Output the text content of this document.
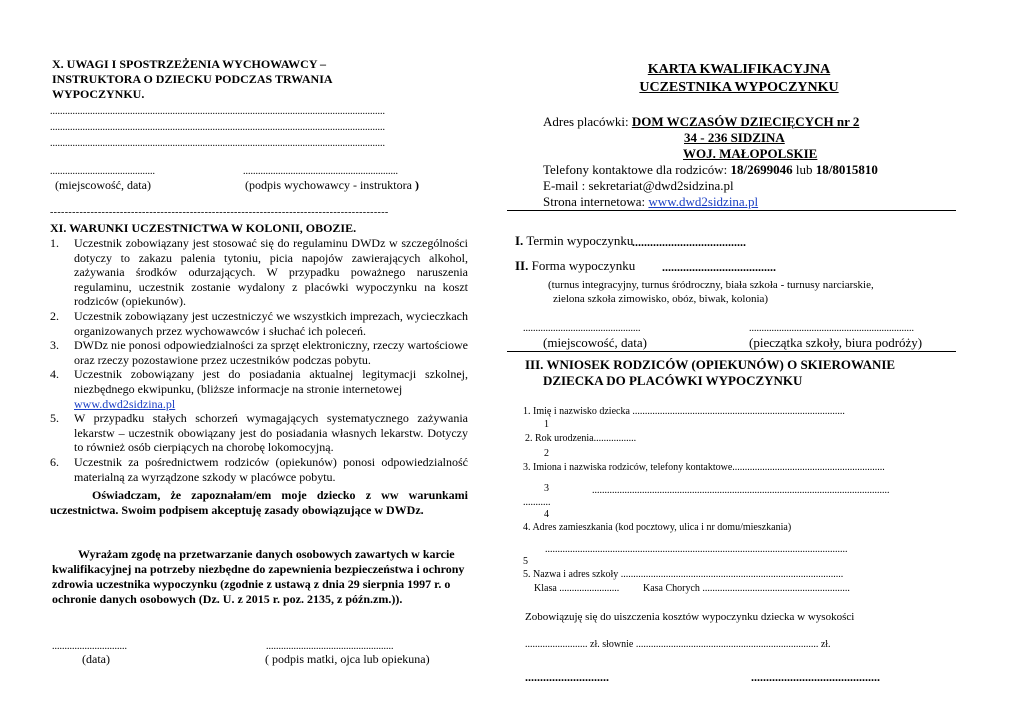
X. UWAGI I SPOSTRZEŻENIA WYCHOWAWCY –
INSTRUKTORA O DZIECKU PODCZAS TRWANIA
WYPOCZYNKU.
......................................................................................................................................
......................................................................................................................................
......................................................................................................................................
..........................................	..............................................................
(miejscowość, data)	(podpis wychowawcy - instruktora )
--------------------------------------------------------------------------------------------
XI. WARUNKI UCZESTNICTWA W KOLONII, OBOZIE.
1. Uczestnik zobowiązany jest stosować się do regulaminu DWDz w szczególności dotyczy to zakazu palenia tytoniu, picia napojów zawierających alkohol, zażywania środków odurzających. W przypadku poważnego naruszenia regulaminu, uczestnik zostanie wydalony z placówki wypoczynku na koszt rodziców (opiekunów).
2. Uczestnik zobowiązany jest uczestniczyć we wszystkich imprezach, wycieczkach organizowanych przez wychowawców i słuchać ich poleceń.
3. DWDz nie ponosi odpowiedzialności za sprzęt elektroniczny, rzeczy wartościowe oraz rzeczy pozostawione przez uczestników podczas pobytu.
4. Uczestnik zobowiązany jest do posiadania aktualnej legitymacji szkolnej, niezbędnego ekwipunku, (bliższe informacje na stronie internetowej
www.dwd2sidzina.pl
5. W przypadku stałych schorzeń wymagających systematycznego zażywania lekarstw – uczestnik obowiązany jest do posiadania własnych lekarstw. Dotyczy to również osób cierpiących na chorobę lokomocyjną.
6. Uczestnik za pośrednictwem rodziców (opiekunów) ponosi odpowiedzialność materialną za wyrządzone szkody w placówce pobytu.
Oświadczam, że zapoznałam/em moje dziecko z ww warunkami uczestnictwa. Swoim podpisem akceptuję zasady obowiązujące w DWDz.
Wyrażam zgodę na przetwarzanie danych osobowych zawartych w karcie kwalifikacyjnej na potrzeby niezbędne do zapewnienia bezpieczeństwa i ochrony zdrowia uczestnika wypoczynku (zgodnie z ustawą z dnia 29 sierpnia 1997 r. o ochronie danych osobowych (Dz. U. z 2015 r. poz. 2135, z późn.zm.)).
..............................	...................................................
(data)	( podpis matki, ojca lub opiekuna)
KARTA KWALIFIKACYJNA
UCZESTNIKA WYPOCZYNKU
Adres placówki: DOM WCZASÓW DZIECIĘCYCH nr 2
34 - 236 SIDZINA
WOJ. MAŁOPOLSKIE
Telefony kontaktowe dla rodziców: 18/2699046 lub 18/8015810
E-mail : sekretariat@dwd2sidzina.pl
Strona internetowa: www.dwd2sidzina.pl
I. Termin wypoczynku
......................................
II. Forma wypoczynku ......................................
(turnus integracyjny, turnus śródroczny, biała szkoła - turnusy narciarskie,
zielona szkoła zimowisko, obóz, biwak, kolonia)
...............................................	..................................................................
(miejscowość, data)	(pieczątka szkoły, biura podróży)
III. WNIOSEK RODZICÓW (OPIEKUNÓW) O SKIEROWANIE
DZIECKA DO PLACÓWKI WYPOCZYNKU
1. Imię i nazwisko dziecka .....................................................................................
1
2. Rok urodzenia.................
2
3. Imiona i nazwiska rodziców, telefony kontaktowe.............................................................
3	.......................................................................................................................
...........
4
4. Adres zamieszkania (kod pocztowy, ulica i nr domu/mieszkania)
.........................................................................................................................
5
5. Nazwa i adres szkoły .........................................................................................
Klasa ........................ Kasa Chorych ...........................................................
Zobowiązuję się do uiszczenia kosztów wypoczynku dziecka w wysokości
......................... zł. słownie ......................................................................... zł.
............................	...........................................
